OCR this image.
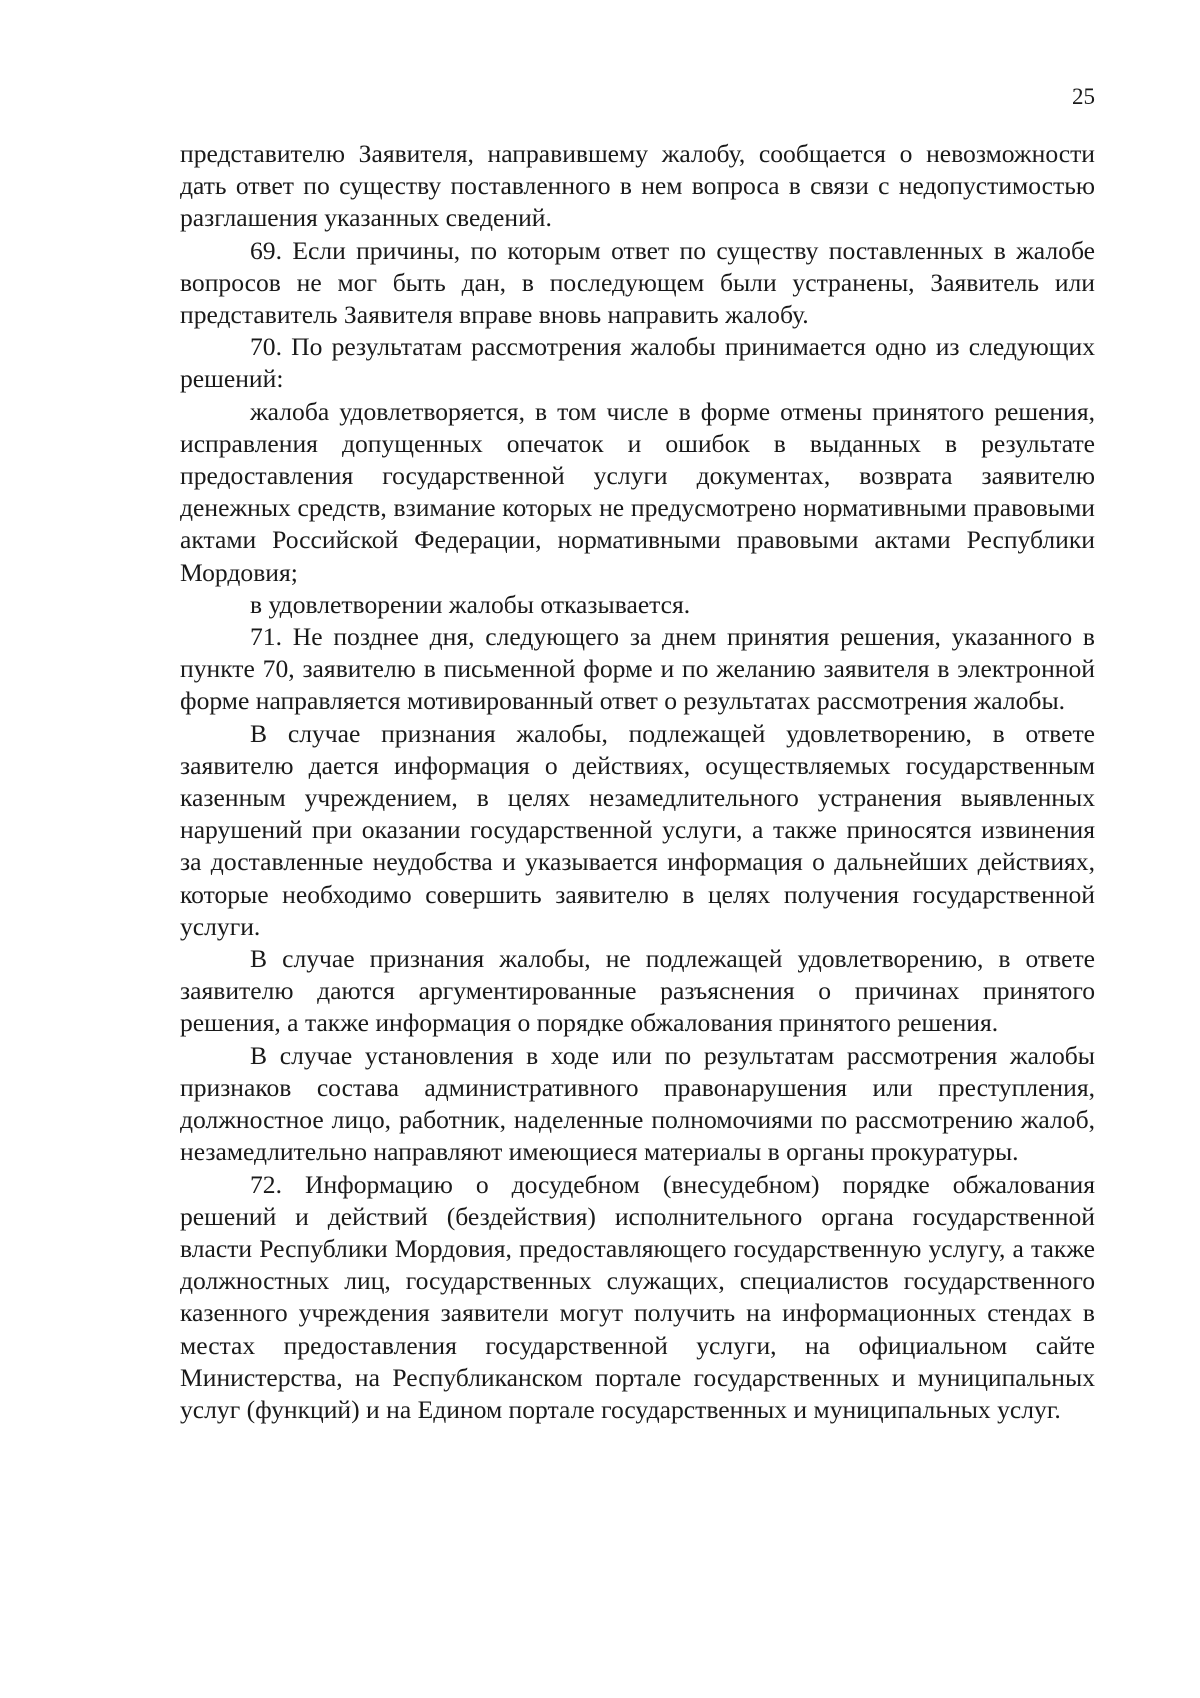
25

представителю Заявителя, направившему жалобу, сообщается о невозможности дать ответ по существу поставленного в нем вопроса в связи с недопустимостью разглашения указанных сведений.

69. Если причины, по которым ответ по существу поставленных в жалобе вопросов не мог быть дан, в последующем были устранены, Заявитель или представитель Заявителя вправе вновь направить жалобу.

70. По результатам рассмотрения жалобы принимается одно из следующих решений:

жалоба удовлетворяется, в том числе в форме отмены принятого решения, исправления допущенных опечаток и ошибок в выданных в результате предоставления государственной услуги документах, возврата заявителю денежных средств, взимание которых не предусмотрено нормативными правовыми актами Российской Федерации, нормативными правовыми актами Республики Мордовия;

в удовлетворении жалобы отказывается.

71. Не позднее дня, следующего за днем принятия решения, указанного в пункте 70, заявителю в письменной форме и по желанию заявителя в электронной форме направляется мотивированный ответ о результатах рассмотрения жалобы.

В случае признания жалобы, подлежащей удовлетворению, в ответе заявителю дается информация о действиях, осуществляемых государственным казенным учреждением, в целях незамедлительного устранения выявленных нарушений при оказании государственной услуги, а также приносятся извинения за доставленные неудобства и указывается информация о дальнейших действиях, которые необходимо совершить заявителю в целях получения государственной услуги.

В случае признания жалобы, не подлежащей удовлетворению, в ответе заявителю даются аргументированные разъяснения о причинах принятого решения, а также информация о порядке обжалования принятого решения.

В случае установления в ходе или по результатам рассмотрения жалобы признаков состава административного правонарушения или преступления, должностное лицо, работник, наделенные полномочиями по рассмотрению жалоб, незамедлительно направляют имеющиеся материалы в органы прокуратуры.

72. Информацию о досудебном (внесудебном) порядке обжалования решений и действий (бездействия) исполнительного органа государственной власти Республики Мордовия, предоставляющего государственную услугу, а также должностных лиц, государственных служащих, специалистов государственного казенного учреждения заявители могут получить на информационных стендах в местах предоставления государственной услуги, на официальном сайте Министерства, на Республиканском портале государственных и муниципальных услуг (функций) и на Едином портале государственных и муниципальных услуг.
